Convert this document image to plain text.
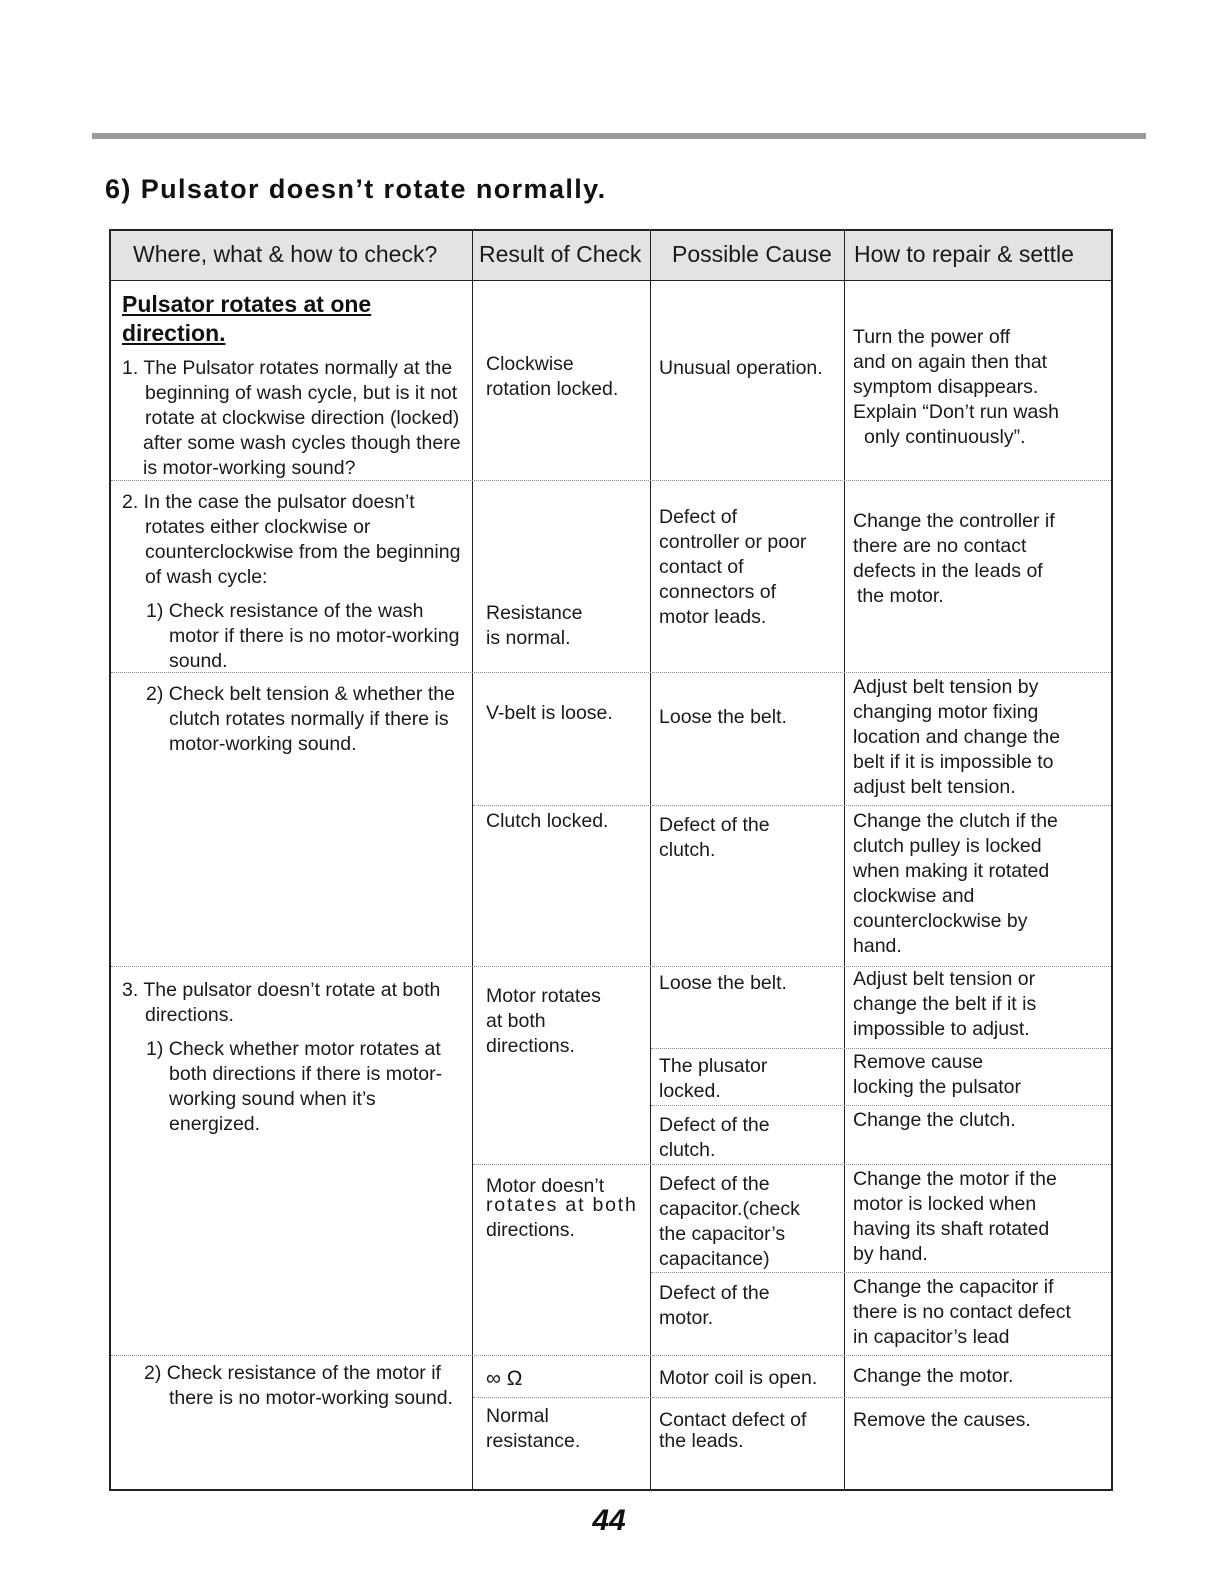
6) Pulsator doesn’t rotate normally.
Where, what & how to check? Result of Check Possible Cause How to repair & settle

Pulsator rotates at one

direction.

1. The Pulsator rotates normally at the

beginning of wash cycle, but is it not

rotate at clockwise direction (locked)

after some wash cycles though there

is motor-working sound?

2. In the case the pulsator doesn’t

rotates either clockwise or

counterclockwise from the beginning

of wash cycle:

1) Check resistance of the wash

motor if there is no motor-working

sound.

2) Check belt tension & whether the

clutch rotates normally if there is

motor-working sound.

3. The pulsator doesn’t rotate at both

directions.

1) Check whether motor rotates at

both directions if there is motor-

working sound when it’s

energized.

2) Check resistance of the motor if

there is no motor-working sound.

Clockwise

rotation locked.

Resistance

is normal.

V-belt is loose.

Clutch locked.

Motor rotates

at both

directions.

Motor doesn’t

rotates at both

directions.

∞ Ω

Normal

resistance.

Unusual operation.

Defect of

controller or poor

contact of

connectors of

motor leads.

Loose the belt.

Defect of the

clutch.

Loose the belt.

The plusator

locked.

Defect of the

clutch.

Defect of the

capacitor.(check

the capacitor’s

capacitance)

Defect of the

motor.

Motor coil is open.

Contact defect of

the leads.

Turn the power off

and on again then that

symptom disappears.

Explain “Don’t run wash

only continuously”.

Change the controller if

there are no contact

defects in the leads of

the motor.

Adjust belt tension by

changing motor fixing

location and change the

belt if it is impossible to

adjust belt tension.

Change the clutch if the

clutch pulley is locked

when making it rotated

clockwise and

counterclockwise by

hand.

Adjust belt tension or

change the belt if it is

impossible to adjust.

Remove cause

locking the pulsator

Change the clutch.

Change the motor if the

motor is locked when

having its shaft rotated

by hand.

Change the capacitor if

there is no contact defect

in capacitor’s lead

Change the motor.

Remove the causes.

44
